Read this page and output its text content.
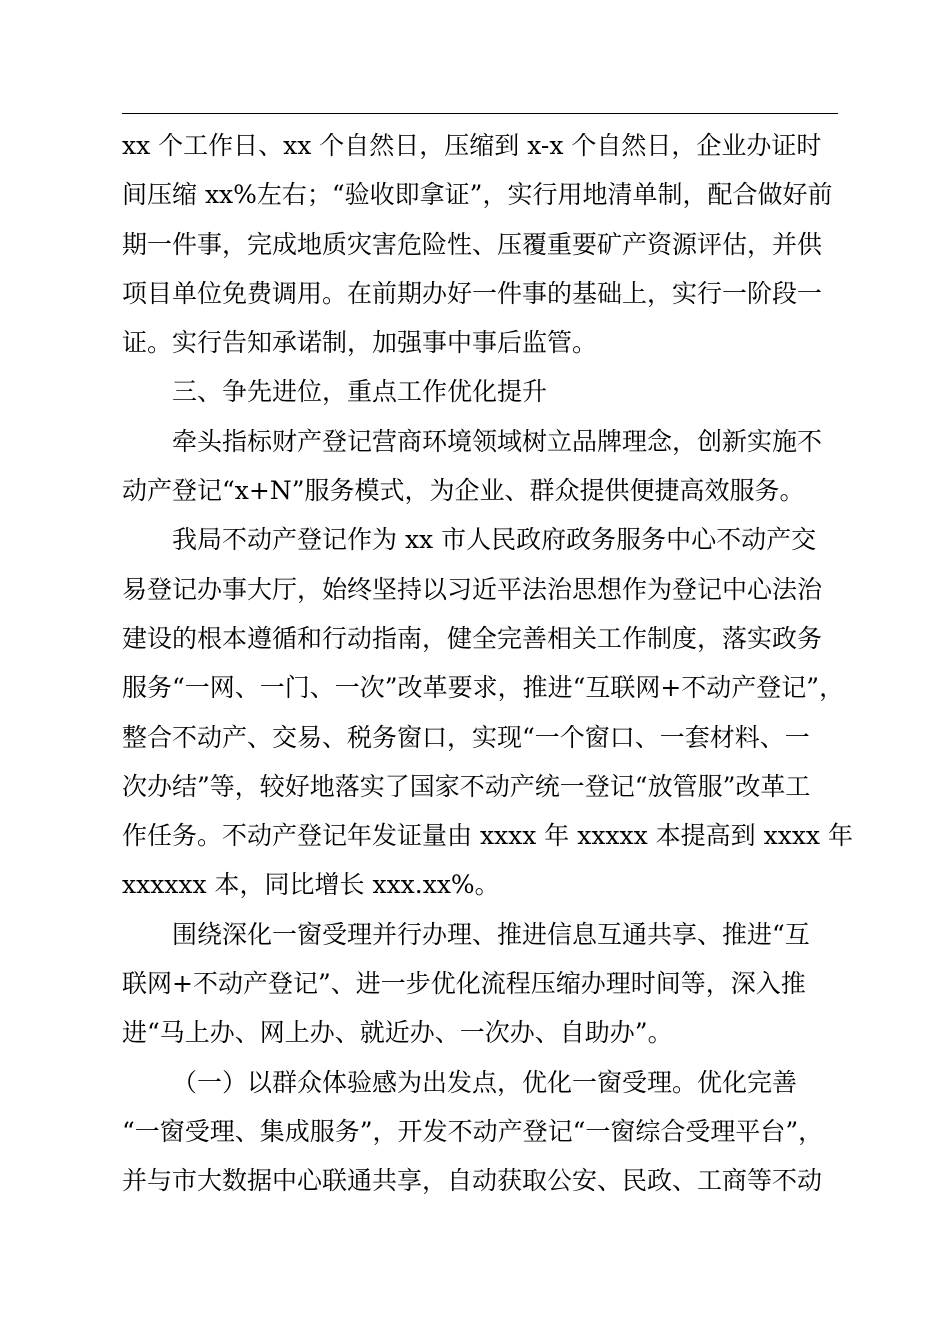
xx 个工作日、xx 个自然日，压缩到 x-x 个自然日，企业办证时
间压缩 xx%左右；“验收即拿证”，实行用地清单制，配合做好前
期一件事，完成地质灾害危险性、压覆重要矿产资源评估，并供
项目单位免费调用。在前期办好一件事的基础上，实行一阶段一
证。实行告知承诺制，加强事中事后监管。
三、争先进位，重点工作优化提升
牵头指标财产登记营商环境领域树立品牌理念，创新实施不
动产登记“x+N”服务模式，为企业、群众提供便捷高效服务。
我局不动产登记作为 xx 市人民政府政务服务中心不动产交
易登记办事大厅，始终坚持以习近平法治思想作为登记中心法治
建设的根本遵循和行动指南，健全完善相关工作制度，落实政务
服务“一网、一门、一次”改革要求，推进“互联网+不动产登记”，
整合不动产、交易、税务窗口，实现“一个窗口、一套材料、一
次办结”等，较好地落实了国家不动产统一登记“放管服”改革工
作任务。不动产登记年发证量由 xxxx 年 xxxxx 本提高到 xxxx 年
xxxxxx 本，同比增长 xxx.xx%。
围绕深化一窗受理并行办理、推进信息互通共享、推进“互
联网+不动产登记”、进一步优化流程压缩办理时间等，深入推
进“马上办、网上办、就近办、一次办、自助办”。
（一）以群众体验感为出发点，优化一窗受理。优化完善
“一窗受理、集成服务”，开发不动产登记“一窗综合受理平台”，
并与市大数据中心联通共享，自动获取公安、民政、工商等不动
